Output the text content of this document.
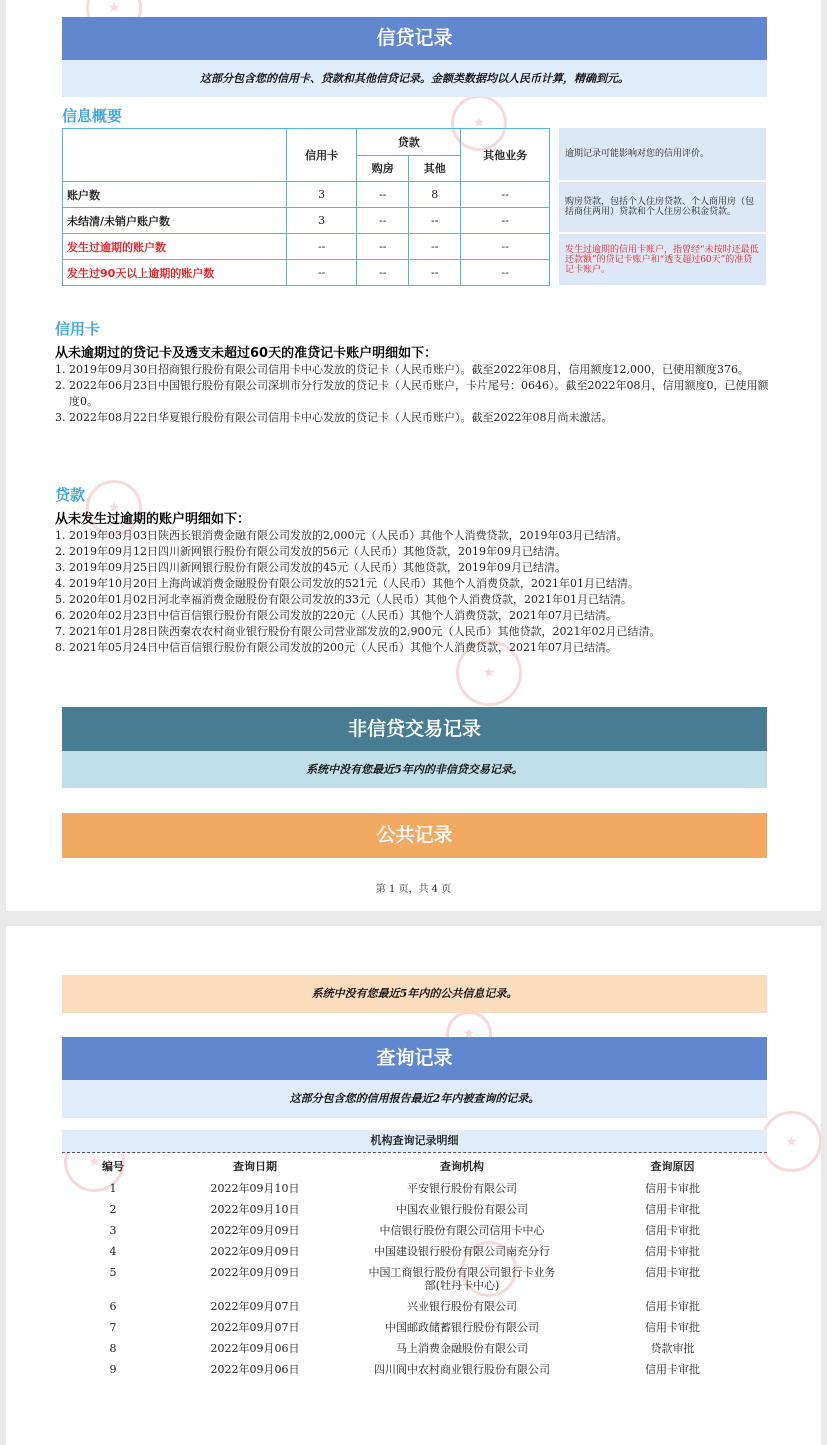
★
★
★
★
信贷记录
这部分包含您的信用卡、贷款和其他信贷记录。金额类数据均以人民币计算，精确到元。
信息概要
	信用卡	贷款		其他业务
		购房	其他	
账户数	3	--	8	--
未结清/未销户账户数	3	--	--	--
发生过逾期的账户数	--	--	--	--
发生过90天以上逾期的账户数	--	--	--	--
逾期记录可能影响对您的信用评价。
购房贷款，包括个人住房贷款、个人商用房（包括商住两用）贷款和个人住房公积金贷款。
发生过逾期的信用卡账户，指曾经“未按时还最低还款额”的贷记卡账户和“透支超过60天”的准贷记卡账户。
信用卡
从未逾期过的贷记卡及透支未超过60天的准贷记卡账户明细如下：
1. 2019年09月30日招商银行股份有限公司信用卡中心发放的贷记卡（人民币账户）。截至2022年08月，信用额度12,000，已使用额度376。
2. 2022年06月23日中国银行股份有限公司深圳市分行发放的贷记卡（人民币账户，卡片尾号：0646）。截至2022年08月，信用额度0，已使用额度0。
3. 2022年08月22日华夏银行股份有限公司信用卡中心发放的贷记卡（人民币账户）。截至2022年08月尚未激活。
贷款
从未发生过逾期的账户明细如下：
1. 2019年03月03日陕西长银消费金融有限公司发放的2,000元（人民币）其他个人消费贷款，2019年03月已结清。
2. 2019年09月12日四川新网银行股份有限公司发放的56元（人民币）其他贷款，2019年09月已结清。
3. 2019年09月25日四川新网银行股份有限公司发放的45元（人民币）其他贷款，2019年09月已结清。
4. 2019年10月20日上海尚诚消费金融股份有限公司发放的521元（人民币）其他个人消费贷款，2021年01月已结清。
5. 2020年01月02日河北幸福消费金融股份有限公司发放的33元（人民币）其他个人消费贷款，2021年01月已结清。
6. 2020年02月23日中信百信银行股份有限公司发放的220元（人民币）其他个人消费贷款，2021年07月已结清。
7. 2021年01月28日陕西秦农农村商业银行股份有限公司营业部发放的2,900元（人民币）其他贷款，2021年02月已结清。
8. 2021年05月24日中信百信银行股份有限公司发放的200元（人民币）其他个人消费贷款，2021年07月已结清。
非信贷交易记录
系统中没有您最近5年内的非信贷交易记录。
公共记录
第 1 页，共 4 页
★
★
★
★
系统中没有您最近5年内的公共信息记录。
查询记录
这部分包含您的信用报告最近2年内被查询的记录。
机构查询记录明细
编号	查询日期	查询机构	查询原因
1	2022年09月10日	平安银行股份有限公司	信用卡审批
2	2022年09月10日	中国农业银行股份有限公司	信用卡审批
3	2022年09月09日	中信银行股份有限公司信用卡中心	信用卡审批
4	2022年09月09日	中国建设银行股份有限公司南充分行	信用卡审批
5	2022年09月09日	中国工商银行股份有限公司银行卡业务部(牡丹卡中心)	信用卡审批
6	2022年09月07日	兴业银行股份有限公司	信用卡审批
7	2022年09月07日	中国邮政储蓄银行股份有限公司	信用卡审批
8	2022年09月06日	马上消费金融股份有限公司	贷款审批
9	2022年09月06日	四川阆中农村商业银行股份有限公司	信用卡审批
